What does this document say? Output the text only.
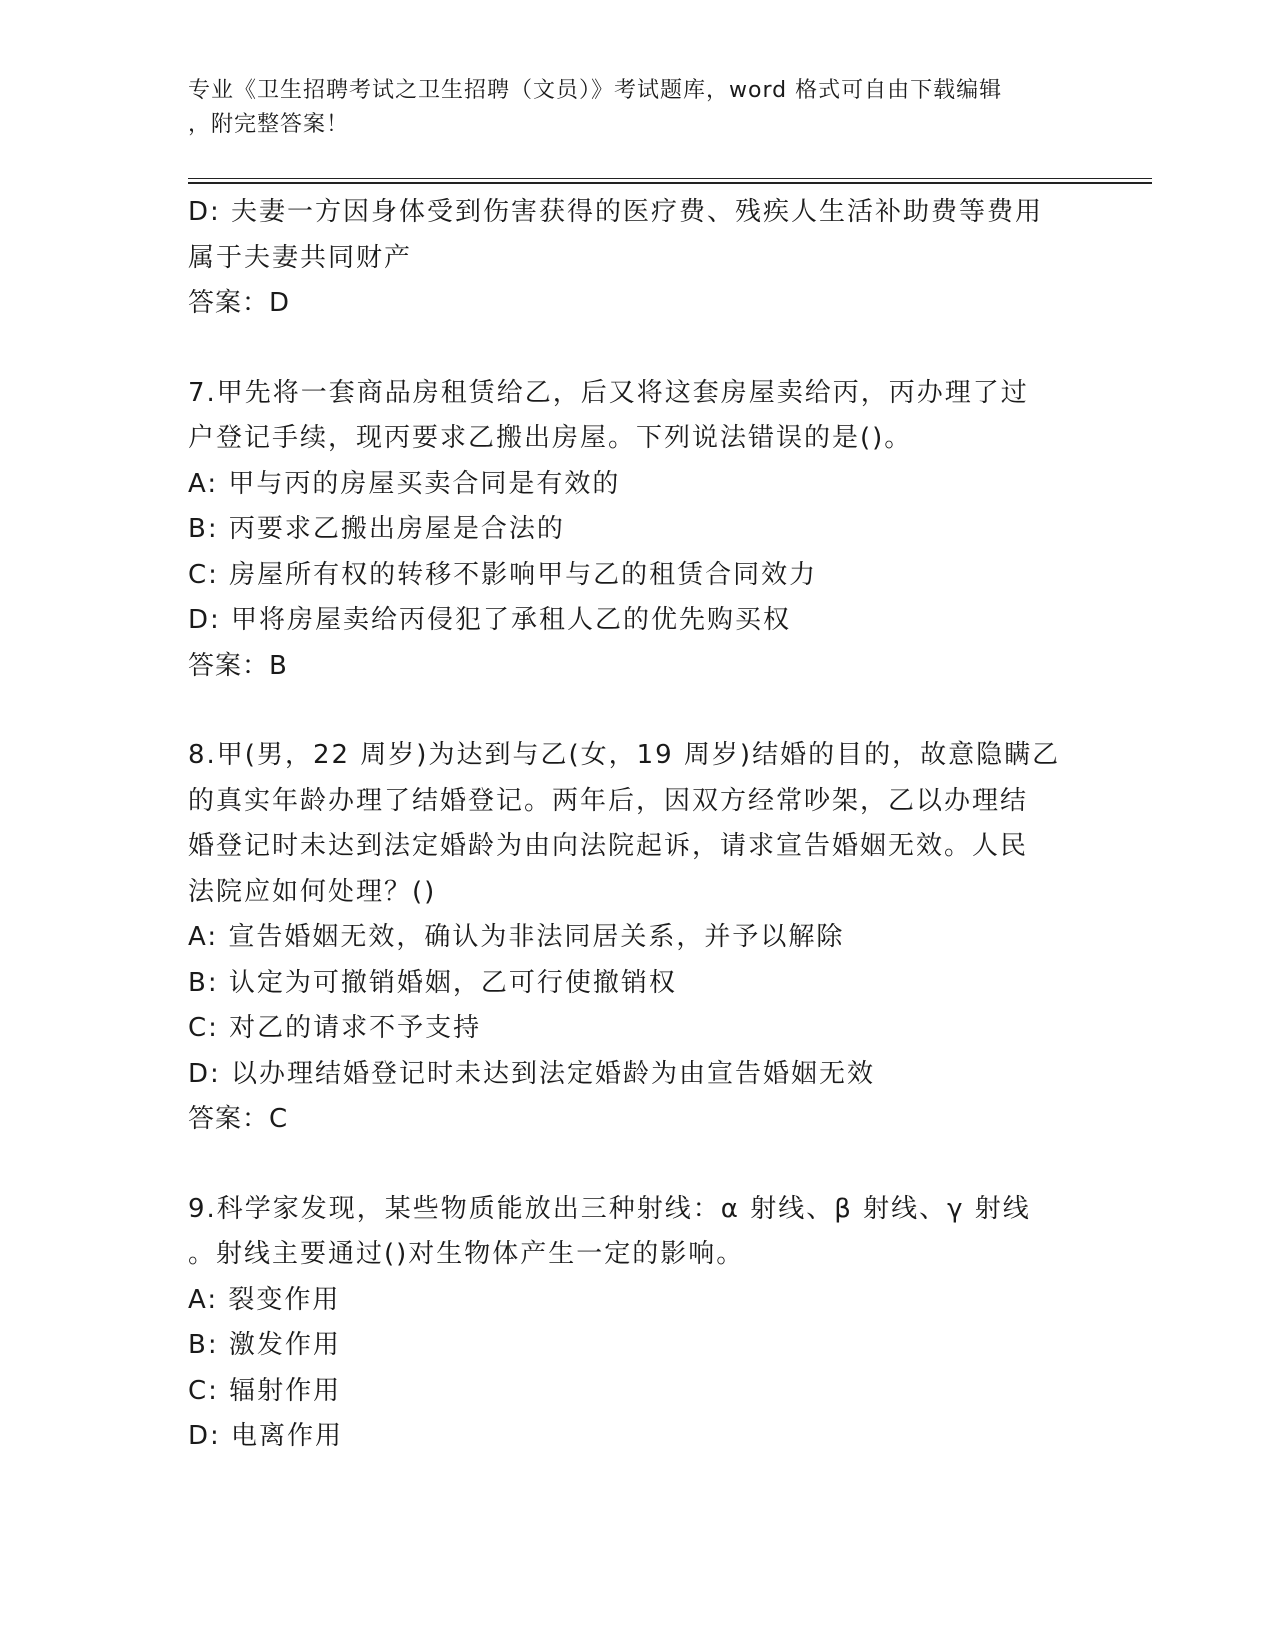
专业《卫生招聘考试之卫生招聘（文员）》考试题库，word 格式可自由下载编辑
，附完整答案！
D: 夫妻一方因身体受到伤害获得的医疗费、残疾人生活补助费等费用
属于夫妻共同财产
答案：D
7.甲先将一套商品房租赁给乙，后又将这套房屋卖给丙，丙办理了过
户登记手续，现丙要求乙搬出房屋。下列说法错误的是()。
A: 甲与丙的房屋买卖合同是有效的
B: 丙要求乙搬出房屋是合法的
C: 房屋所有权的转移不影响甲与乙的租赁合同效力
D: 甲将房屋卖给丙侵犯了承租人乙的优先购买权
答案：B
8.甲(男，22 周岁)为达到与乙(女，19 周岁)结婚的目的，故意隐瞒乙
的真实年龄办理了结婚登记。两年后，因双方经常吵架，乙以办理结
婚登记时未达到法定婚龄为由向法院起诉，请求宣告婚姻无效。人民
法院应如何处理？()
A: 宣告婚姻无效，确认为非法同居关系，并予以解除
B: 认定为可撤销婚姻，乙可行使撤销权
C: 对乙的请求不予支持
D: 以办理结婚登记时未达到法定婚龄为由宣告婚姻无效
答案：C
9.科学家发现，某些物质能放出三种射线：α 射线、β 射线、γ 射线
。射线主要通过()对生物体产生一定的影响。
A: 裂变作用
B: 激发作用
C: 辐射作用
D: 电离作用
